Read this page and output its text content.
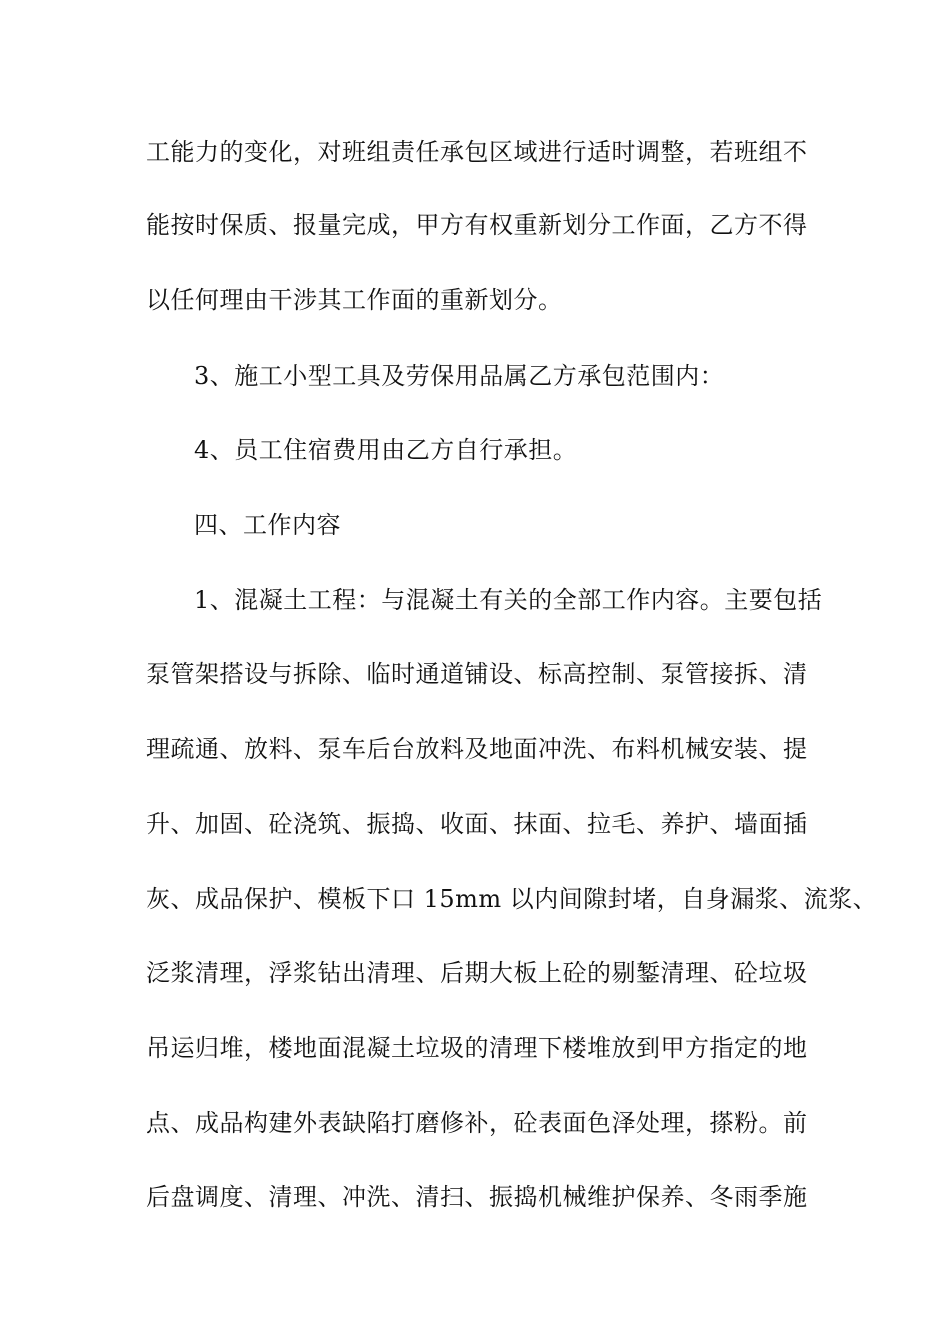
工能力的变化，对班组责任承包区域进行适时调整，若班组不
能按时保质、报量完成，甲方有权重新划分工作面，乙方不得
以任何理由干涉其工作面的重新划分。
3、施工小型工具及劳保用品属乙方承包范围内：
4、员工住宿费用由乙方自行承担。
四、工作内容
1、混凝土工程：与混凝土有关的全部工作内容。主要包括
泵管架搭设与拆除、临时通道铺设、标高控制、泵管接拆、清
理疏通、放料、泵车后台放料及地面冲洗、布料机械安装、提
升、加固、砼浇筑、振捣、收面、抹面、拉毛、养护、墙面插
灰、成品保护、模板下口 15mm 以内间隙封堵，自身漏浆、流浆、
泛浆清理，浮浆钻出清理、后期大板上砼的剔錾清理、砼垃圾
吊运归堆，楼地面混凝土垃圾的清理下楼堆放到甲方指定的地
点、成品构建外表缺陷打磨修补，砼表面色泽处理，搽粉。前
后盘调度、清理、冲洗、清扫、振捣机械维护保养、冬雨季施
